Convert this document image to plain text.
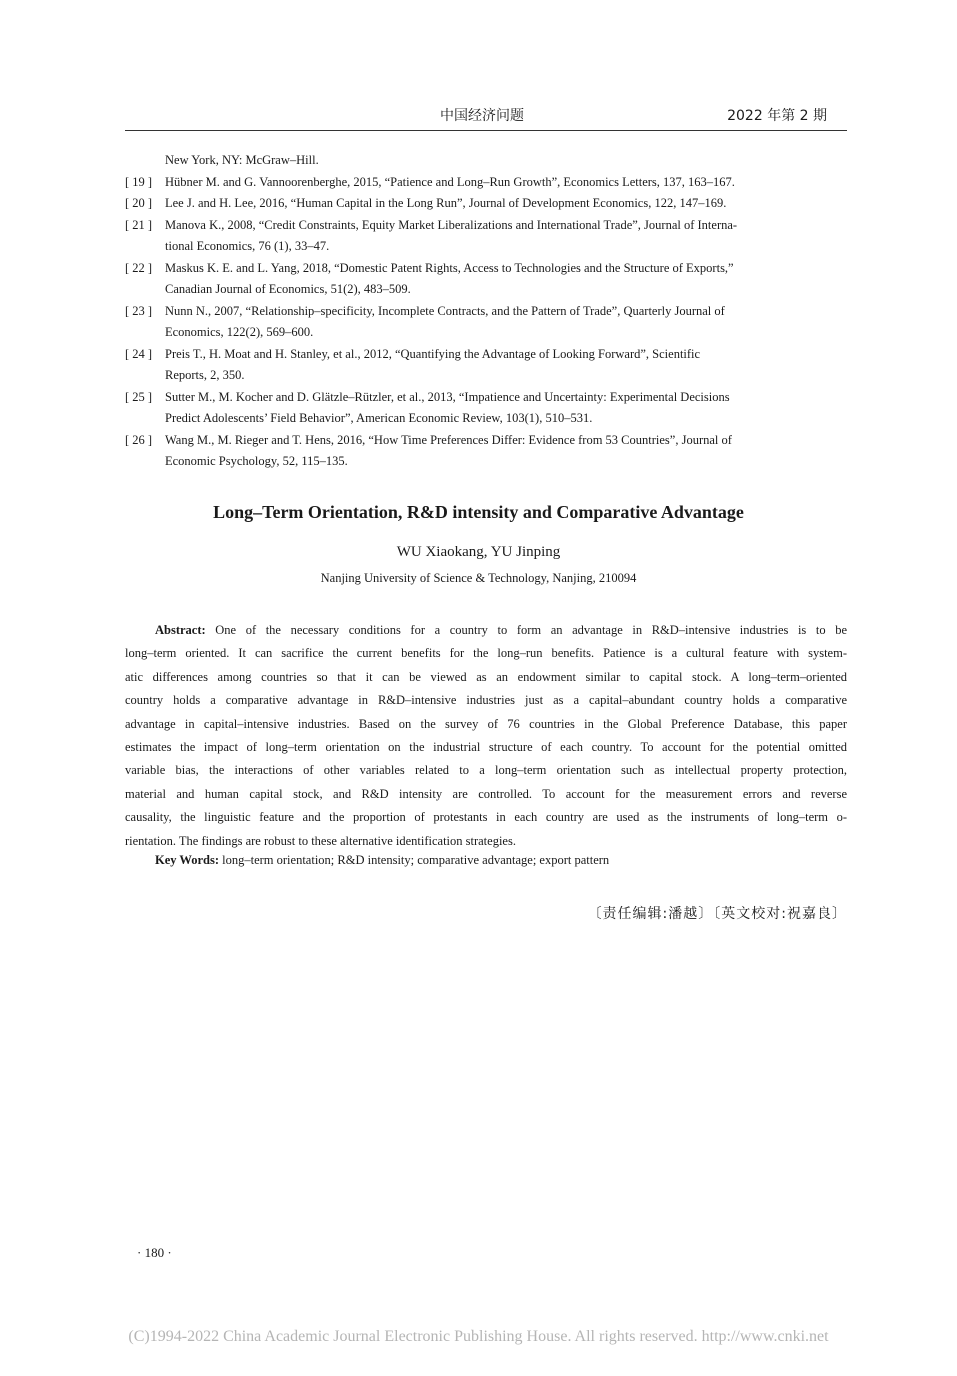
中国经济问题	2022 年第 2 期
New York, NY: McGraw–Hill.
[ 19 ] Hübner M. and G. Vannoorenberghe, 2015, “Patience and Long–Run Growth”, Economics Letters, 137, 163–167.
[ 20 ] Lee J. and H. Lee, 2016, “Human Capital in the Long Run”, Journal of Development Economics, 122, 147–169.
[ 21 ] Manova K., 2008, “Credit Constraints, Equity Market Liberalizations and International Trade”, Journal of Interna-
tional Economics, 76 (1), 33–47.
[ 22 ] Maskus K. E. and L. Yang, 2018, “Domestic Patent Rights, Access to Technologies and the Structure of Exports,”
Canadian Journal of Economics, 51(2), 483–509.
[ 23 ] Nunn N., 2007, “Relationship–specificity, Incomplete Contracts, and the Pattern of Trade”, Quarterly Journal of
Economics, 122(2), 569–600.
[ 24 ] Preis T., H. Moat and H. Stanley, et al., 2012, “Quantifying the Advantage of Looking Forward”, Scientific
Reports, 2, 350.
[ 25 ] Sutter M., M. Kocher and D. Glätzle–Rützler, et al., 2013, “Impatience and Uncertainty: Experimental Decisions
Predict Adolescents’ Field Behavior”, American Economic Review, 103(1), 510–531.
[ 26 ] Wang M., M. Rieger and T. Hens, 2016, “How Time Preferences Differ: Evidence from 53 Countries”, Journal of
Economic Psychology, 52, 115–135.
Long–Term Orientation, R&D intensity and Comparative Advantage
WU Xiaokang, YU Jinping
Nanjing University of Science & Technology, Nanjing, 210094
Abstract: One of the necessary conditions for a country to form an advantage in R&D–intensive industries is to be
long–term oriented. It can sacrifice the current benefits for the long–run benefits. Patience is a cultural feature with system-
atic differences among countries so that it can be viewed as an endowment similar to capital stock. A long–term–oriented
country holds a comparative advantage in R&D–intensive industries just as a capital–abundant country holds a comparative
advantage in capital–intensive industries. Based on the survey of 76 countries in the Global Preference Database, this paper
estimates the impact of long–term orientation on the industrial structure of each country. To account for the potential omitted
variable bias, the interactions of other variables related to a long–term orientation such as intellectual property protection,
material and human capital stock, and R&D intensity are controlled. To account for the measurement errors and reverse
causality, the linguistic feature and the proportion of protestants in each country are used as the instruments of long–term o-
rientation. The findings are robust to these alternative identification strategies.
Key Words: long–term orientation; R&D intensity; comparative advantage; export pattern
〔责任编辑:潘越〕〔英文校对:祝嘉良〕
· 180 ·
(C)1994-2022 China Academic Journal Electronic Publishing House. All rights reserved. http://www.cnki.net
